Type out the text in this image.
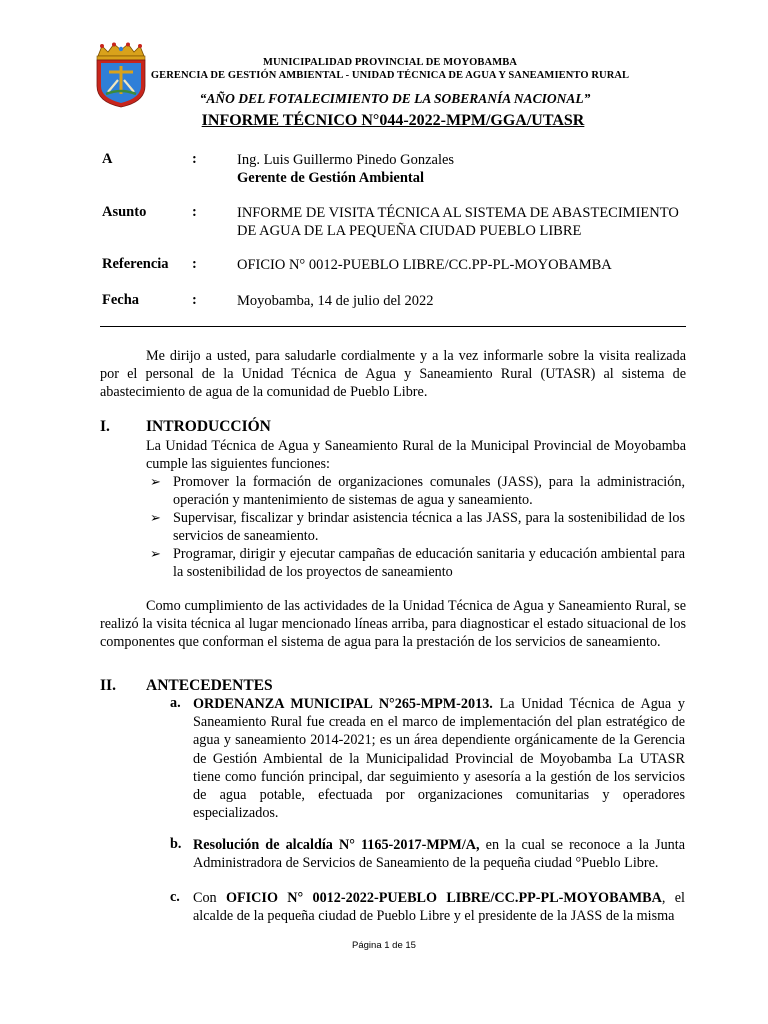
MUNICIPALIDAD PROVINCIAL DE MOYOBAMBA
GERENCIA DE GESTIÓN AMBIENTAL - UNIDAD TÉCNICA DE AGUA Y SANEAMIENTO RURAL
“AÑO DEL FOTALECIMIENTO DE LA SOBERANÍA NACIONAL”
INFORME TÉCNICO N°044-2022-MPM/GGA/UTASR
A	:	Ing. Luis Guillermo Pinedo Gonzales
Gerente de Gestión Ambiental
Asunto	:	INFORME DE VISITA TÉCNICA AL SISTEMA DE ABASTECIMIENTO DE AGUA DE LA PEQUEÑA CIUDAD PUEBLO LIBRE
Referencia :	OFICIO N° 0012-PUEBLO LIBRE/CC.PP-PL-MOYOBAMBA
Fecha	:	Moyobamba, 14 de julio del 2022
Me dirijo a usted, para saludarle cordialmente y a la vez informarle sobre la visita realizada por el personal de la Unidad Técnica de Agua y Saneamiento Rural (UTASR) al sistema de abastecimiento de agua de la comunidad de Pueblo Libre.
I. INTRODUCCIÓN
La Unidad Técnica de Agua y Saneamiento Rural de la Municipal Provincial de Moyobamba cumple las siguientes funciones:
➢ Promover la formación de organizaciones comunales (JASS), para la administración, operación y mantenimiento de sistemas de agua y saneamiento.
➢ Supervisar, fiscalizar y brindar asistencia técnica a las JASS, para la sostenibilidad de los servicios de saneamiento.
➢ Programar, dirigir y ejecutar campañas de educación sanitaria y educación ambiental para la sostenibilidad de los proyectos de saneamiento
Como cumplimiento de las actividades de la Unidad Técnica de Agua y Saneamiento Rural, se realizó la visita técnica al lugar mencionado líneas arriba, para diagnosticar el estado situacional de los componentes que conforman el sistema de agua para la prestación de los servicios de saneamiento.
II. ANTECEDENTES
a. ORDENANZA MUNICIPAL N°265-MPM-2013. La Unidad Técnica de Agua y Saneamiento Rural fue creada en el marco de implementación del plan estratégico de agua y saneamiento 2014-2021; es un área dependiente orgánicamente de la Gerencia de Gestión Ambiental de la Municipalidad Provincial de Moyobamba La UTASR tiene como función principal, dar seguimiento y asesoría a la gestión de los servicios de agua potable, efectuada por organizaciones comunitarias y operadores especializados.
b. Resolución de alcaldía N° 1165-2017-MPM/A, en la cual se reconoce a la Junta Administradora de Servicios de Saneamiento de la pequeña ciudad °Pueblo Libre.
c. Con OFICIO N° 0012-2022-PUEBLO LIBRE/CC.PP-PL-MOYOBAMBA, el alcalde de la pequeña ciudad de Pueblo Libre y el presidente de la JASS de la misma
Página 1 de 15
